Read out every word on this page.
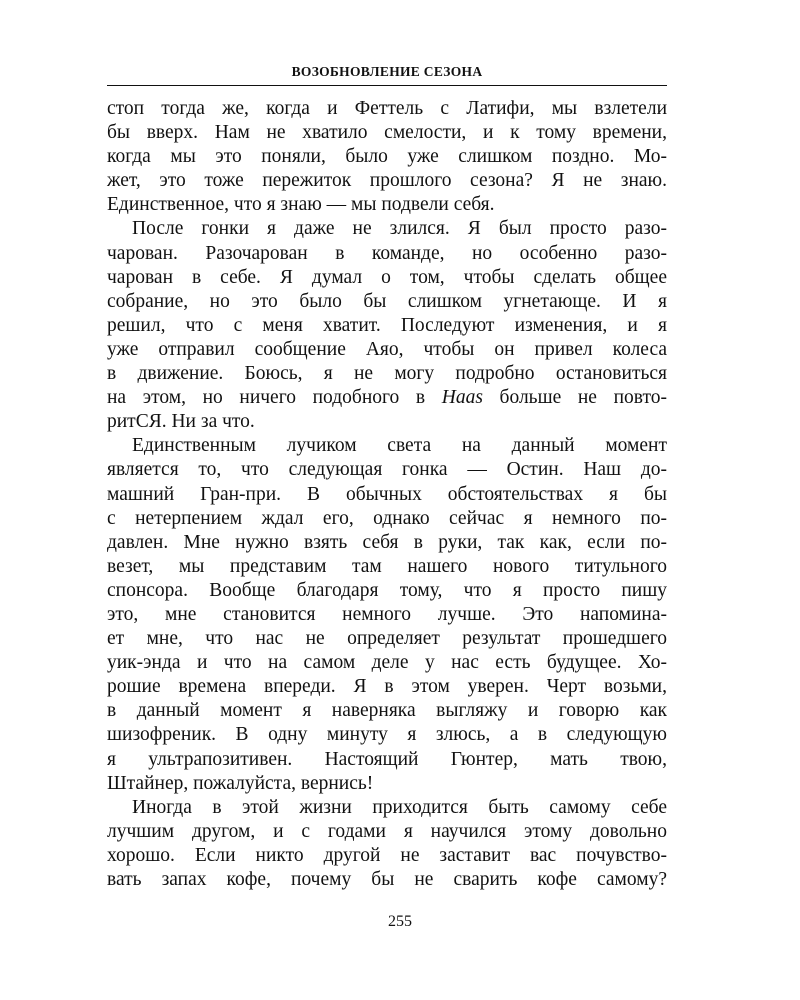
ВОЗОБНОВЛЕНИЕ СЕЗОНА

стоп тогда же, когда и Феттель с Латифи, мы взлетели
бы вверх. Нам не хватило смелости, и к тому времени,
когда мы это поняли, было уже слишком поздно. Мо-
жет, это тоже пережиток прошлого сезона? Я не знаю.
Единственное, что я знаю — мы подвели себя.

После гонки я даже не злился. Я был просто разо-
чарован. Разочарован в команде, но особенно разо-
чарован в себе. Я думал о том, чтобы сделать общее
собрание, но это было бы слишком угнетающе. И я
решил, что с меня хватит. Последуют изменения, и я
уже отправил сообщение Аяо, чтобы он привел колеса
в движение. Боюсь, я не могу подробно остановиться
на этом, но ничего подобного в Haas больше не повто-
ритСЯ. Ни за что.

Единственным лучиком света на данный момент
является то, что следующая гонка — Остин. Наш до-
машний Гран-при. В обычных обстоятельствах я бы
с нетерпением ждал его, однако сейчас я немного по-
давлен. Мне нужно взять себя в руки, так как, если по-
везет, мы представим там нашего нового титульного
спонсора. Вообще благодаря тому, что я просто пишу
это, мне становится немного лучше. Это напомина-
ет мне, что нас не определяет результат прошедшего
уик-энда и что на самом деле у нас есть будущее. Хо-
рошие времена впереди. Я в этом уверен. Черт возьми,
в данный момент я наверняка выгляжу и говорю как
шизофреник. В одну минуту я злюсь, а в следующую
я ультрапозитивен. Настоящий Гюнтер, мать твою,
Штайнер, пожалуйста, вернись!

Иногда в этой жизни приходится быть самому себе
лучшим другом, и с годами я научился этому довольно
хорошо. Если никто другой не заставит вас почувство-
вать запах кофе, почему бы не сварить кофе самому?

255
